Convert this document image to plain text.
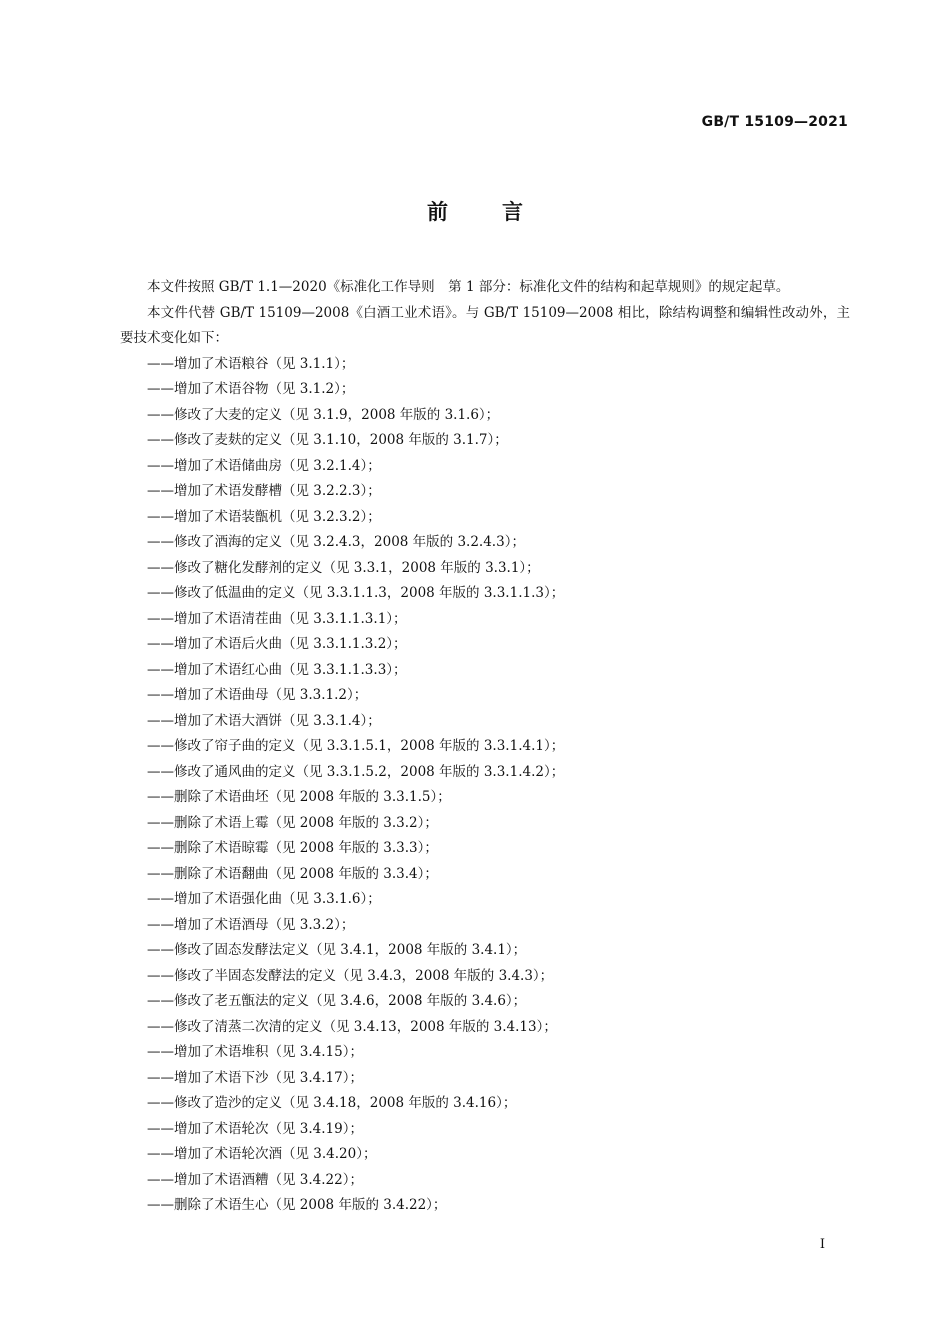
GB/T 15109—2021
前言

本文件按照 GB/T 1.1—2020《标准化工作导则　第 1 部分：标准化文件的结构和起草规则》的规定起草。

本文件代替 GB/T 15109—2008《白酒工业术语》。与 GB/T 15109—2008 相比，除结构调整和编辑性改动外，主要技术变化如下：

——增加了术语粮谷（见 3.1.1）；
——增加了术语谷物（见 3.1.2）；
——修改了大麦的定义（见 3.1.9，2008 年版的 3.1.6）；
——修改了麦麸的定义（见 3.1.10，2008 年版的 3.1.7）；
——增加了术语储曲房（见 3.2.1.4）；
——增加了术语发酵槽（见 3.2.2.3）；
——增加了术语装甑机（见 3.2.3.2）；
——修改了酒海的定义（见 3.2.4.3，2008 年版的 3.2.4.3）；
——修改了糖化发酵剂的定义（见 3.3.1，2008 年版的 3.3.1）；
——修改了低温曲的定义（见 3.3.1.1.3，2008 年版的 3.3.1.1.3）；
——增加了术语清茬曲（见 3.3.1.1.3.1）；
——增加了术语后火曲（见 3.3.1.1.3.2）；
——增加了术语红心曲（见 3.3.1.1.3.3）；
——增加了术语曲母（见 3.3.1.2）；
——增加了术语大酒饼（见 3.3.1.4）；
——修改了帘子曲的定义（见 3.3.1.5.1，2008 年版的 3.3.1.4.1）；
——修改了通风曲的定义（见 3.3.1.5.2，2008 年版的 3.3.1.4.2）；
——删除了术语曲坯（见 2008 年版的 3.3.1.5）；
——删除了术语上霉（见 2008 年版的 3.3.2）；
——删除了术语晾霉（见 2008 年版的 3.3.3）；
——删除了术语翻曲（见 2008 年版的 3.3.4）；
——增加了术语强化曲（见 3.3.1.6）；
——增加了术语酒母（见 3.3.2）；
——修改了固态发酵法定义（见 3.4.1，2008 年版的 3.4.1）；
——修改了半固态发酵法的定义（见 3.4.3，2008 年版的 3.4.3）；
——修改了老五甑法的定义（见 3.4.6，2008 年版的 3.4.6）；
——修改了清蒸二次清的定义（见 3.4.13，2008 年版的 3.4.13）；
——增加了术语堆积（见 3.4.15）；
——增加了术语下沙（见 3.4.17）；
——修改了造沙的定义（见 3.4.18，2008 年版的 3.4.16）；
——增加了术语轮次（见 3.4.19）；
——增加了术语轮次酒（见 3.4.20）；
——增加了术语酒糟（见 3.4.22）；
——删除了术语生心（见 2008 年版的 3.4.22）；
I
